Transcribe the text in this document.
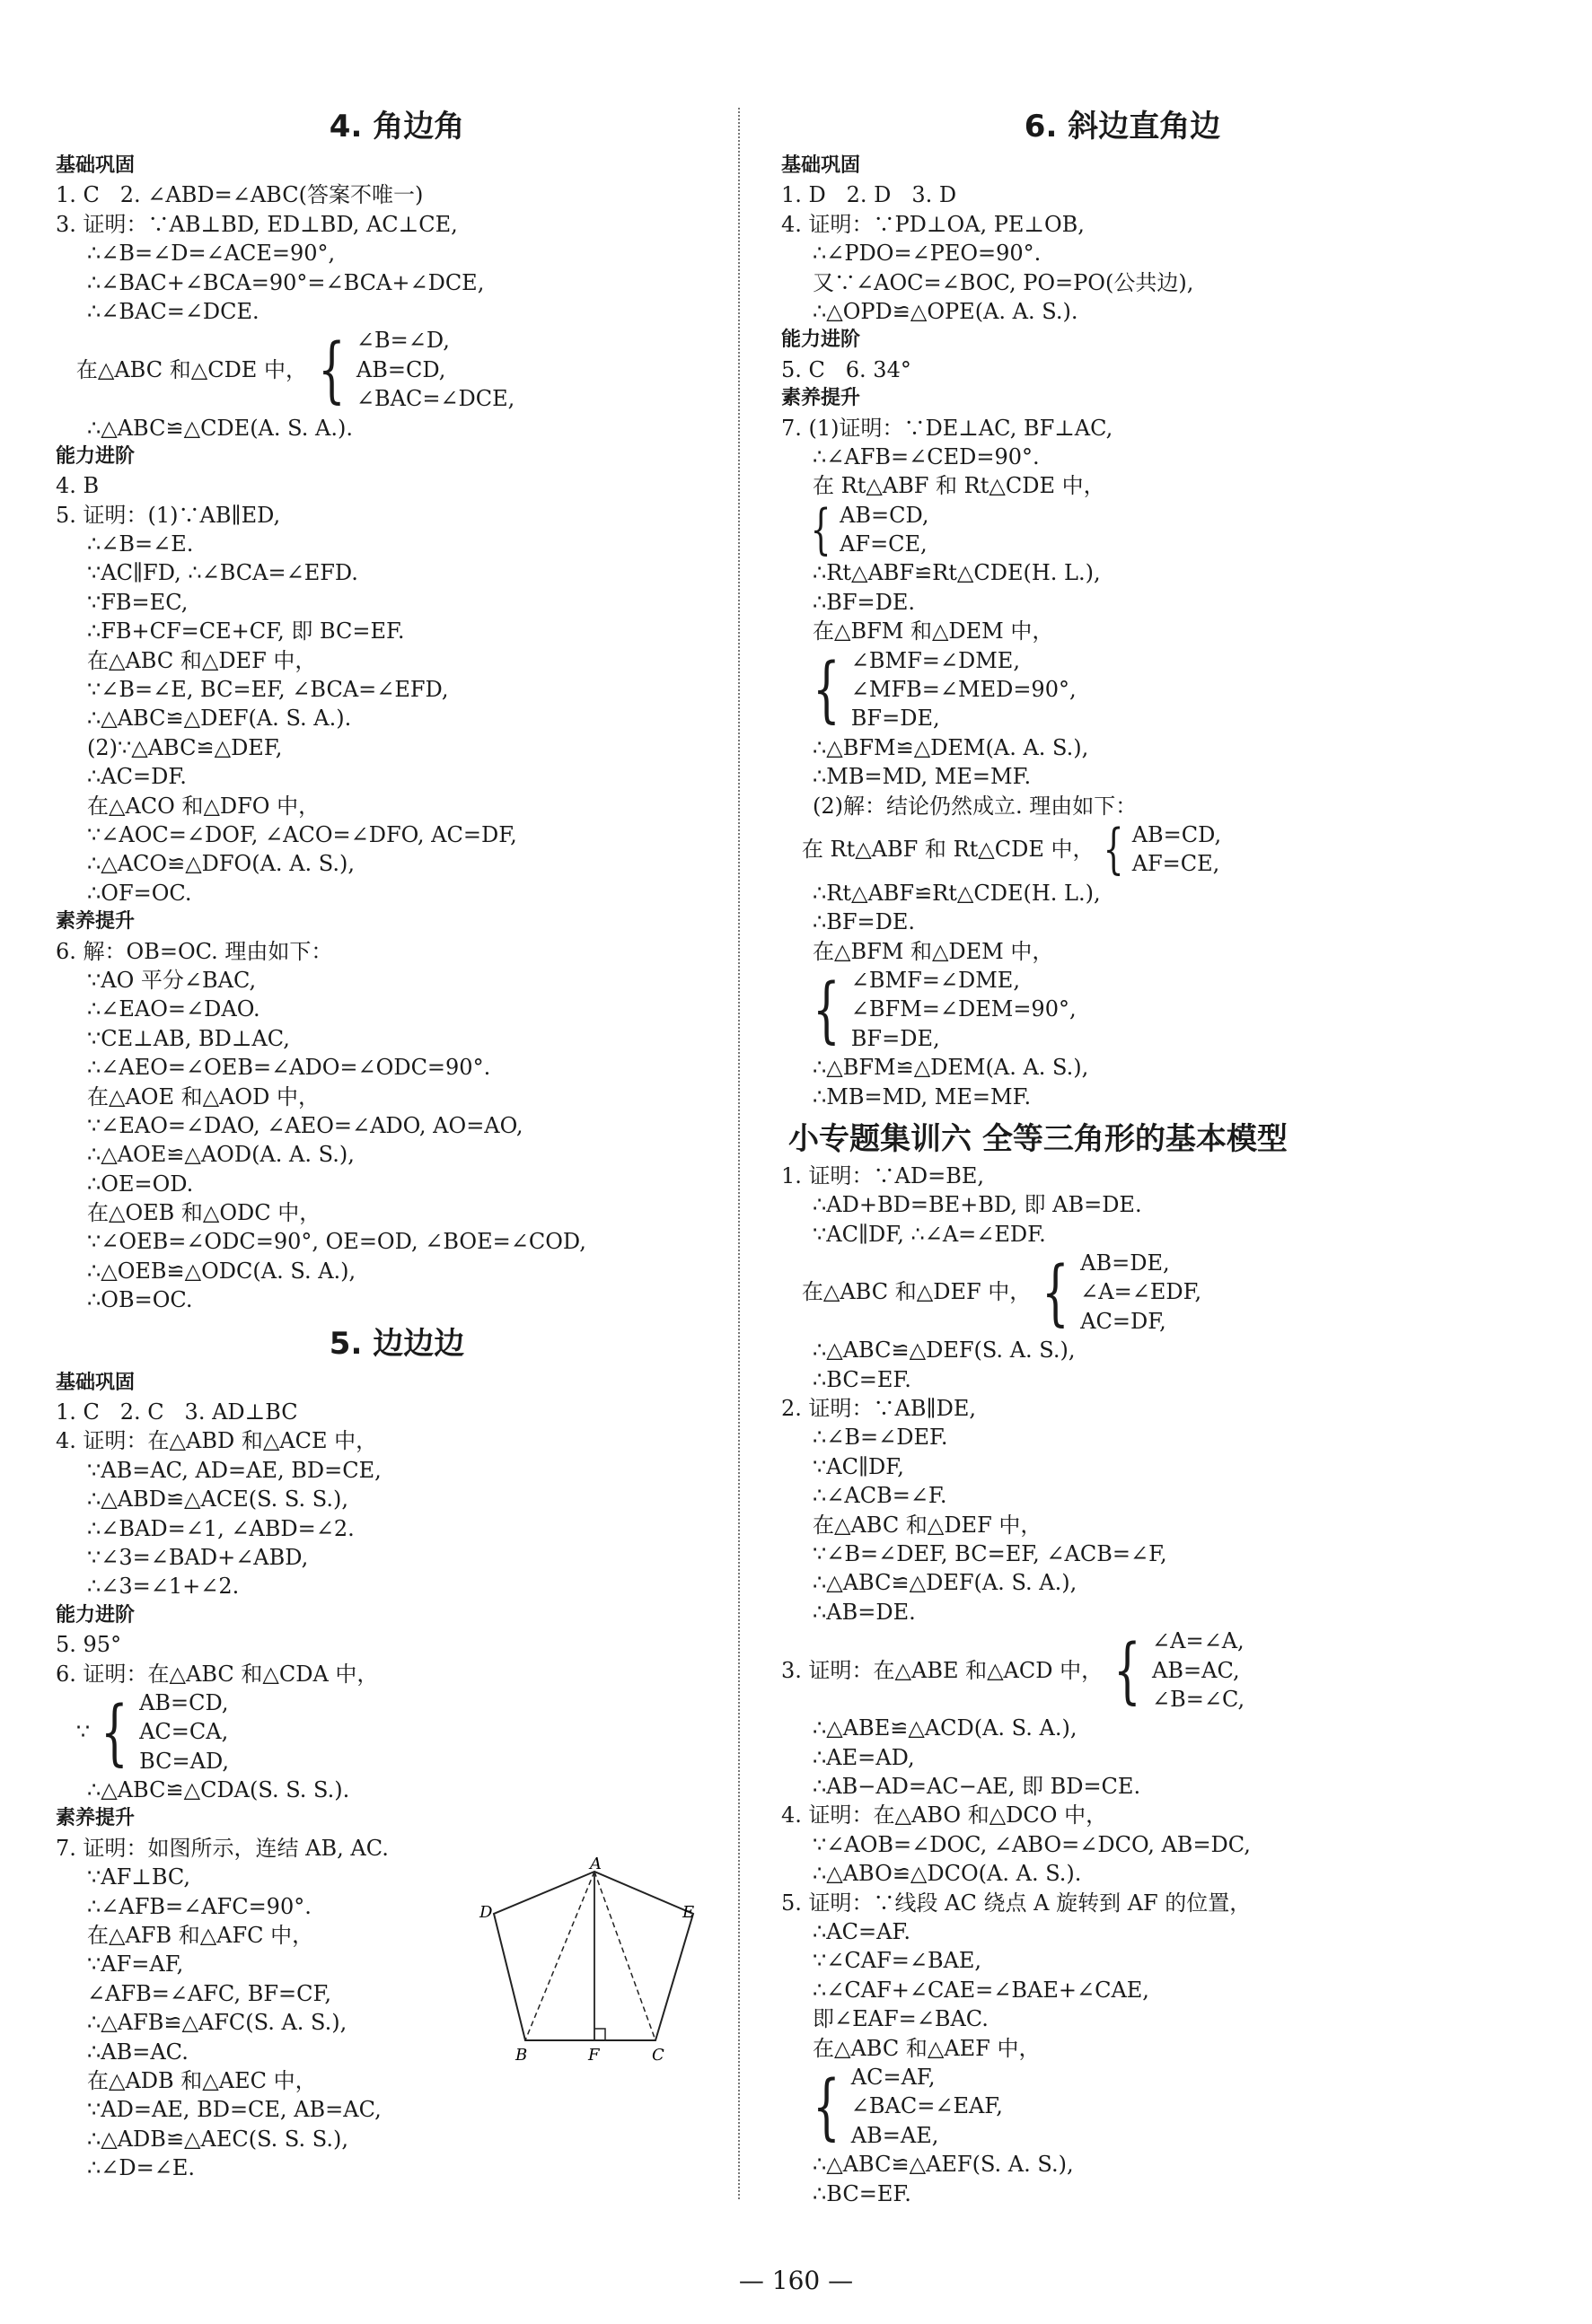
4. 角边角
基础巩固
1. C   2. ∠ABD=∠ABC(答案不唯一)
3. 证明：∵AB⊥BD, ED⊥BD, AC⊥CE,
∴∠B=∠D=∠ACE=90°,
∴∠BAC+∠BCA=90°=∠BCA+∠DCE,
∴∠BAC=∠DCE.
在△ABC 和△CDE 中， { ∠B=∠D,
AB=CD,
∠BAC=∠DCE,
∴△ABC≌△CDE(A. S. A.).
能力进阶
4. B
5. 证明：(1)∵AB∥ED,
∴∠B=∠E.
∵AC∥FD, ∴∠BCA=∠EFD.
∵FB=EC,
∴FB+CF=CE+CF, 即 BC=EF.
在△ABC 和△DEF 中，
∵∠B=∠E, BC=EF, ∠BCA=∠EFD,
∴△ABC≌△DEF(A. S. A.).
(2)∵△ABC≌△DEF,
∴AC=DF.
在△ACO 和△DFO 中，
∵∠AOC=∠DOF, ∠ACO=∠DFO, AC=DF,
∴△ACO≌△DFO(A. A. S.),
∴OF=OC.
素养提升
6. 解：OB=OC. 理由如下：
∵AO 平分∠BAC,
∴∠EAO=∠DAO.
∵CE⊥AB, BD⊥AC,
∴∠AEO=∠OEB=∠ADO=∠ODC=90°.
在△AOE 和△AOD 中，
∵∠EAO=∠DAO, ∠AEO=∠ADO, AO=AO,
∴△AOE≌△AOD(A. A. S.),
∴OE=OD.
在△OEB 和△ODC 中，
∵∠OEB=∠ODC=90°, OE=OD, ∠BOE=∠COD,
∴△OEB≌△ODC(A. S. A.),
∴OB=OC.
5. 边边边
基础巩固
1. C   2. C   3. AD⊥BC
4. 证明：在△ABD 和△ACE 中，
∵AB=AC, AD=AE, BD=CE,
∴△ABD≌△ACE(S. S. S.),
∴∠BAD=∠1, ∠ABD=∠2.
∵∠3=∠BAD+∠ABD,
∴∠3=∠1+∠2.
能力进阶
5. 95°
6. 证明：在△ABC 和△CDA 中，
∵ { AB=CD,
AC=CA,
BC=AD,
∴△ABC≌△CDA(S. S. S.).
素养提升
7. 证明：如图所示，连结 AB, AC.
∵AF⊥BC,
∴∠AFB=∠AFC=90°.
在△AFB 和△AFC 中，
∵AF=AF,
∠AFB=∠AFC, BF=CF,
∴△AFB≌△AFC(S. A. S.),
∴AB=AC.
在△ADB 和△AEC 中，
∵AD=AE, BD=CE, AB=AC,
∴△ADB≌△AEC(S. S. S.),
∴∠D=∠E.
6. 斜边直角边
基础巩固
1. D   2. D   3. D
4. 证明：∵PD⊥OA, PE⊥OB,
∴∠PDO=∠PEO=90°.
又∵∠AOC=∠BOC, PO=PO(公共边),
∴△OPD≌△OPE(A. A. S.).
能力进阶
5. C   6. 34°
素养提升
7. (1)证明：∵DE⊥AC, BF⊥AC,
∴∠AFB=∠CED=90°.
在 Rt△ABF 和 Rt△CDE 中，

{ AB=CD,
AF=CE,
∴Rt△ABF≌Rt△CDE(H. L.),
∴BF=DE.
在△BFM 和△DEM 中，

{ ∠BMF=∠DME,
∠MFB=∠MED=90°,
BF=DE,
∴△BFM≌△DEM(A. A. S.),
∴MB=MD, ME=MF.
(2)解：结论仍然成立. 理由如下：
在 Rt△ABF 和 Rt△CDE 中， { AB=CD,
AF=CE,
∴Rt△ABF≌Rt△CDE(H. L.),
∴BF=DE.
在△BFM 和△DEM 中，

{ ∠BMF=∠DME,
∠BFM=∠DEM=90°,
BF=DE,
∴△BFM≌△DEM(A. A. S.),
∴MB=MD, ME=MF.
小专题集训六 全等三角形的基本模型
1. 证明：∵AD=BE,
∴AD+BD=BE+BD, 即 AB=DE.
∵AC∥DF, ∴∠A=∠EDF.
在△ABC 和△DEF 中， { AB=DE,
∠A=∠EDF,
AC=DF,
∴△ABC≌△DEF(S. A. S.),
∴BC=EF.
2. 证明：∵AB∥DE,
∴∠B=∠DEF.
∵AC∥DF,
∴∠ACB=∠F.
在△ABC 和△DEF 中，
∵∠B=∠DEF, BC=EF, ∠ACB=∠F,
∴△ABC≌△DEF(A. S. A.),
∴AB=DE.
3. 证明：在△ABE 和△ACD 中， { ∠A=∠A,
AB=AC,
∠B=∠C,
∴△ABE≌△ACD(A. S. A.),
∴AE=AD,
∴AB−AD=AC−AE, 即 BD=CE.
4. 证明：在△ABO 和△DCO 中，
∵∠AOB=∠DOC, ∠ABO=∠DCO, AB=DC,
∴△ABO≌△DCO(A. A. S.).
5. 证明：∵线段 AC 绕点 A 旋转到 AF 的位置，
∴AC=AF.
∵∠CAF=∠BAE,
∴∠CAF+∠CAE=∠BAE+∠CAE,
即∠EAF=∠BAC.
在△ABC 和△AEF 中，

{ AC=AF,
∠BAC=∠EAF,
AB=AE,
∴△ABC≌△AEF(S. A. S.),
∴BC=EF.
A
D	E
B	F	C
— 160 —
